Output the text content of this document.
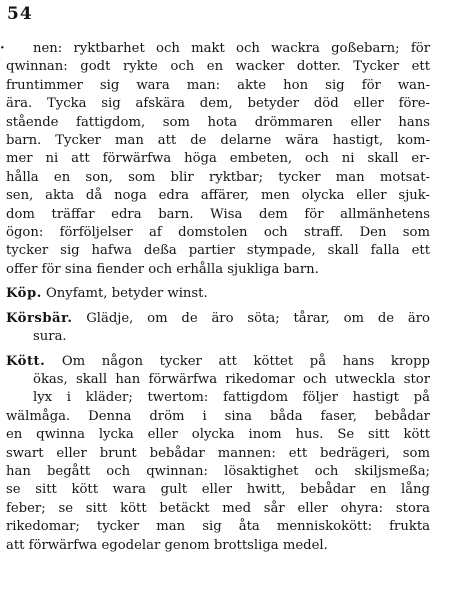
54
·	nen: ryktbarhet och makt och wackra goßebarn; för
qwinnan: godt rykte och en wacker dotter. Tycker ett
fruntimmer sig wara man: akte hon sig för wan-
ära. Tycka sig afskära dem, betyder död eller före-
stående fattigdom, som hota drömmaren eller hans
barn. Tycker man att de delarne wära hastigt, kom-
mer ni att förwärfwa höga embeten, och ni skall er-
hålla en son, som blir ryktbar; tycker man motsat-
sen, akta då noga edra affärer, men olycka eller sjuk-
dom träffar edra barn. Wisa dem för allmänhetens
ögon: förföljelser af domstolen och straff. Den som
tycker sig hafwa deßa partier stympade, skall falla ett
offer för sina fiender och erhålla sjukliga barn.
Köp. Onyfamt, betyder winst.
Körsbär. Glädje, om de äro söta; tårar, om de äro
sura.
Kött. Om någon tycker att köttet på hans kropp
ökas, skall han förwärfwa rikedomar och utweckla stor
lyx i kläder; twertom: fattigdom följer hastigt på
wälmåga. Denna dröm i sina båda faser, bebådar
en qwinna lycka eller olycka inom hus. Se sitt kött
swart eller brunt bebådar mannen: ett bedrägeri, som
han begått och qwinnan: lösaktighet och skiljsmeßa;
se sitt kött wara gult eller hwitt, bebådar en lång
feber; se sitt kött betäckt med sår eller ohyra: stora
rikedomar; tycker man sig åta menniskokött: frukta
att förwärfwa egodelar genom brottsliga medel.
